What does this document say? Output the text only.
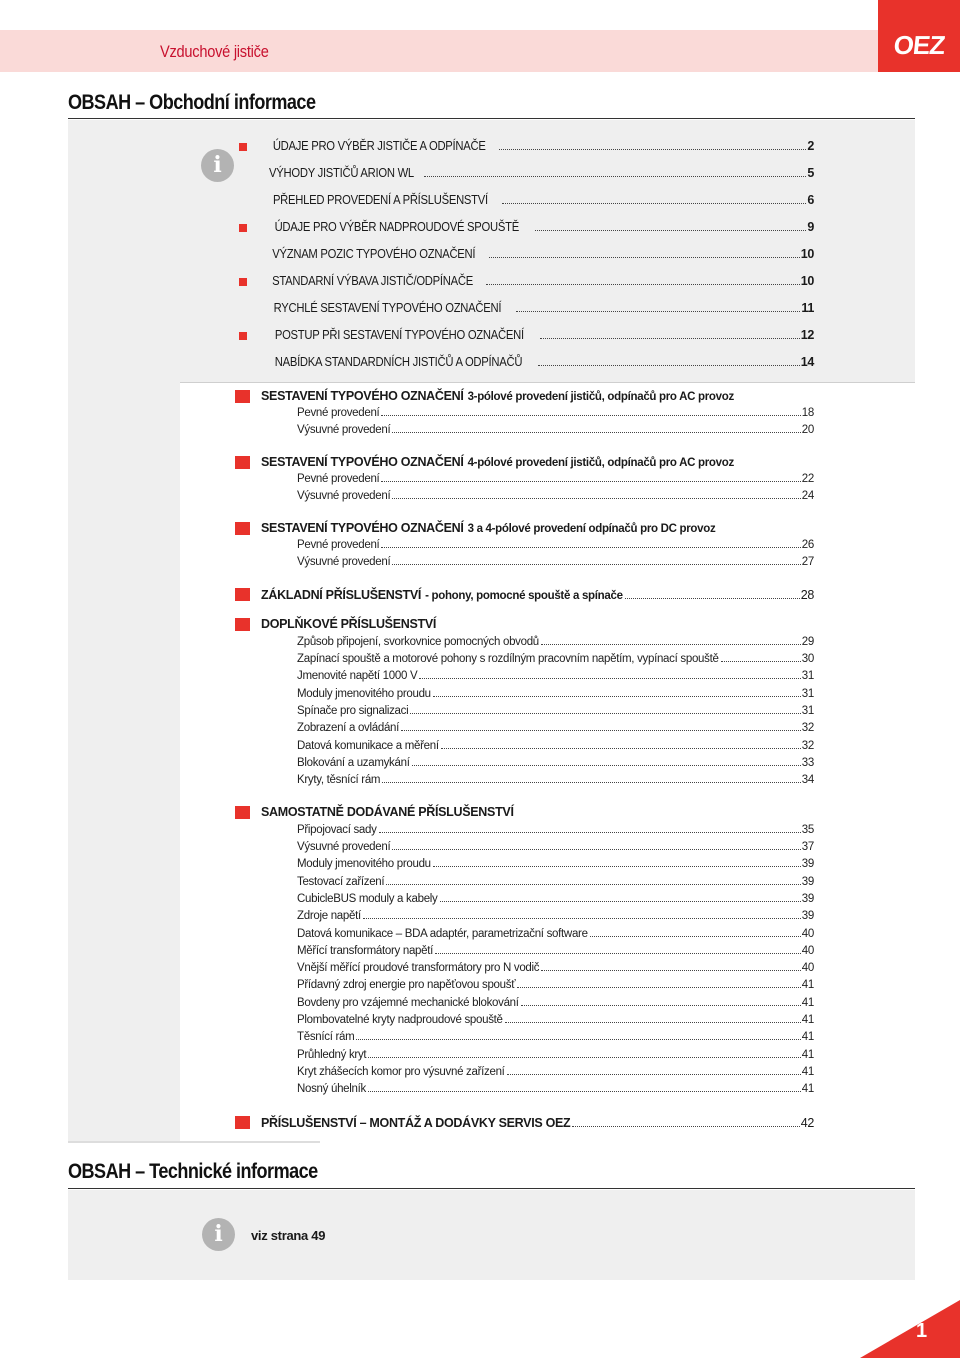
Vzduchové jističe	OEZ
OBSAH – Obchodní informace
i
ÚDAJE PRO VÝBĚR JISTIČE A ODPÍNAČE	2
VÝHODY JISTIČŮ ARION WL	5
PŘEHLED PROVEDENÍ A PŘÍSLUŠENSTVÍ	6
ÚDAJE PRO VÝBĚR NADPROUDOVÉ SPOUŠTĚ	9
VÝZNAM POZIC TYPOVÉHO OZNAČENÍ	10
STANDARNÍ VÝBAVA JISTIČ/ODPÍNAČE	10
RYCHLÉ SESTAVENÍ TYPOVÉHO OZNAČENÍ	11
POSTUP PŘI SESTAVENÍ TYPOVÉHO OZNAČENÍ	12
NABÍDKA STANDARDNÍCH JISTIČŮ A ODPÍNAČŮ	14
SESTAVENÍ TYPOVÉHO OZNAČENÍ 3-pólové provedení jističů, odpínačů pro AC provoz
Pevné provedení	18
Výsuvné provedení	20
SESTAVENÍ TYPOVÉHO OZNAČENÍ 4-pólové provedení jističů, odpínačů pro AC provoz
Pevné provedení	22
Výsuvné provedení	24
SESTAVENÍ TYPOVÉHO OZNAČENÍ 3 a 4-pólové provedení odpínačů pro DC provoz
Pevné provedení	26
Výsuvné provedení	27
ZÁKLADNÍ PŘÍSLUŠENSTVÍ - pohony, pomocné spouště a spínače	28
DOPLŇKOVÉ PŘÍSLUŠENSTVÍ
Způsob připojení, svorkovnice pomocných obvodů	29
Zapínací spouště a motorové pohony s rozdílným pracovním napětím, vypínací spouště	30
Jmenovité napětí 1000 V	31
Moduly jmenovitého proudu	31
Spínače pro signalizaci	31
Zobrazení a ovládání	32
Datová komunikace a měření	32
Blokování a uzamykání	33
Kryty, těsnící rám	34
SAMOSTATNĚ DODÁVANÉ PŘÍSLUŠENSTVÍ
Připojovací sady	35
Výsuvné provedení	37
Moduly jmenovitého proudu	39
Testovací zařízení	39
CubicleBUS moduly a kabely	39
Zdroje napětí	39
Datová komunikace – BDA adaptér, parametrizační software	40
Měřící transformátory napětí	40
Vnější měřící proudové transformátory pro N vodič	40
Přídavný zdroj energie pro napěťovou spoušť	41
Bovdeny pro vzájemné mechanické blokování	41
Plombovatelné kryty nadproudové spouště	41
Těsnící rám	41
Průhledný kryt	41
Kryt zhášecích komor pro výsuvné zařízení	41
Nosný úhelník	41
PŘÍSLUŠENSTVÍ – MONTÁŽ A DODÁVKY SERVIS OEZ	42
OBSAH – Technické informace
i	viz strana 49
1
